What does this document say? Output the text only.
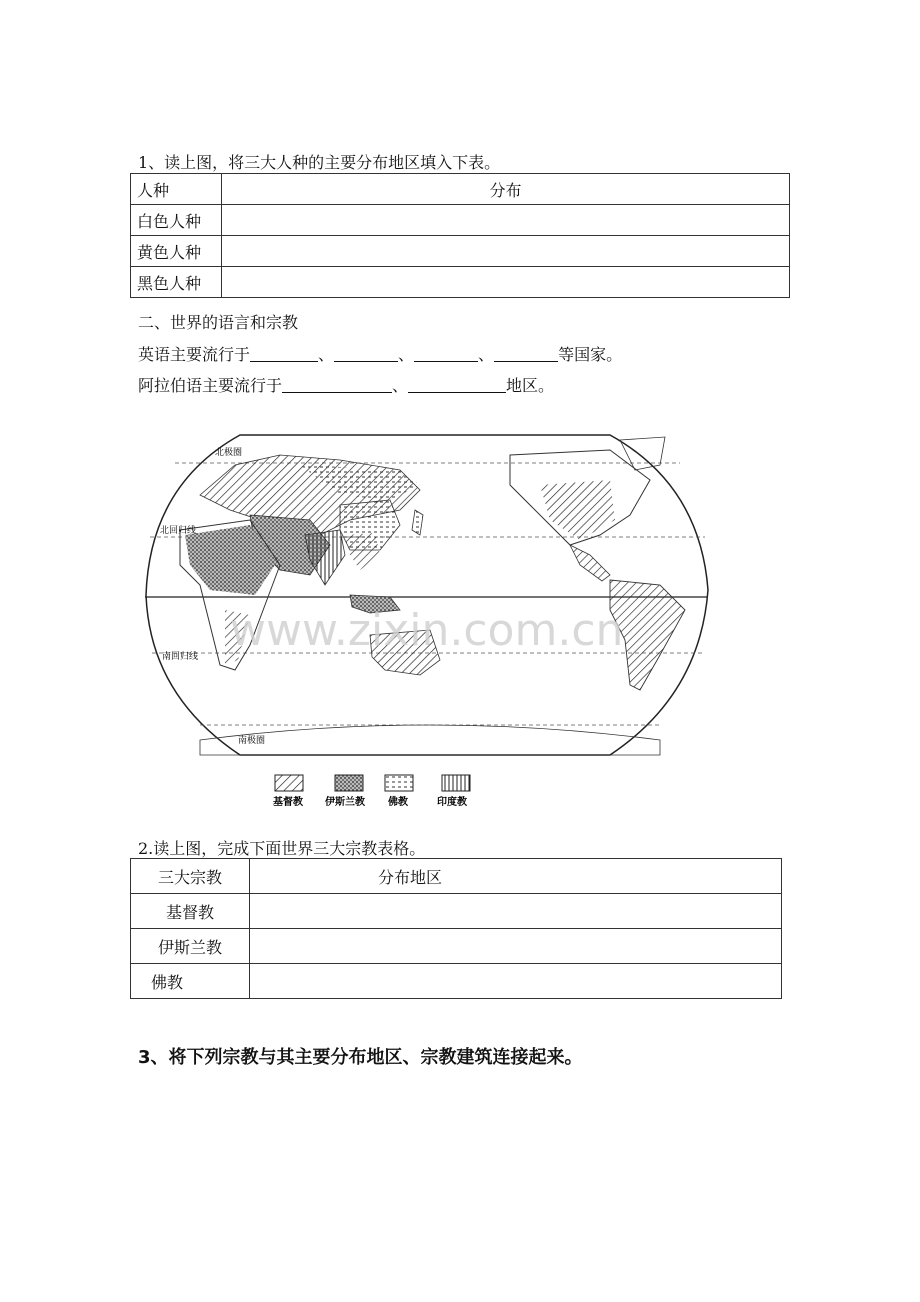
1、读上图，将三大人种的主要分布地区填入下表。
人种	分布
白色人种	
黄色人种	
黑色人种	
二、世界的语言和宗教
英语主要流行于	、	、	、	等国家。
阿拉伯语主要流行于	、	地区。
北极圈
北回归线
南回归线
南极圈
www.zixin.com.cn
基督教 伊斯兰教 佛教	印度教
2.读上图，完成下面世界三大宗教表格。
三大宗教	分布地区
基督教	
伊斯兰教	
佛教	
3、将下列宗教与其主要分布地区、宗教建筑连接起来。
